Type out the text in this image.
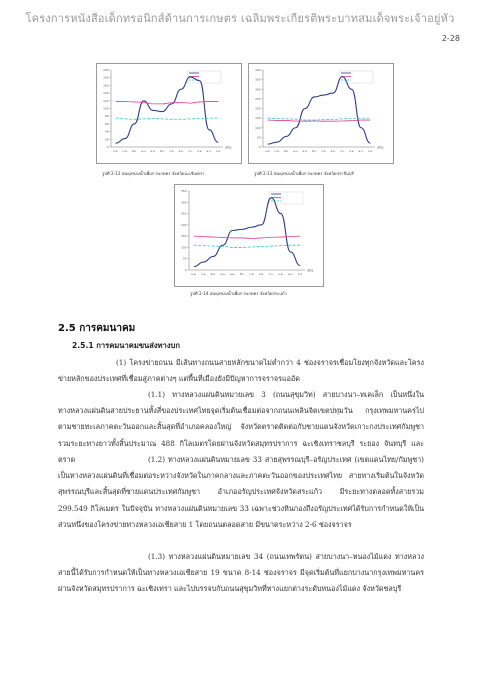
โครงการหนังสือเด็กทรอนิกส์ด้านการเกษตร เฉลิมพระเกียรติพระบาทสมเด็จพระเจ้าอยู่หัว
2-28
0
20
40
60
80
100
120
140
160
180
200
ม.ค. ก.พ. มี.ค. เม.ย. พ.ค. มิ.ย. ก.ค. ส.ค. ก.ย. ต.ค. พ.ย. ธ.ค.
เดือน
รูปที่ 2-12 สมดุลของน้ำเพื่อการเกษตร จังหวัดฉะเชิงเทรา
0
50
100
150
200
250
300
350
400
ม.ค. ก.พ. มี.ค. เม.ย. พ.ค. มิ.ย. ก.ค. ส.ค. ก.ย. ต.ค. พ.ย. ธ.ค.
เดือน
รูปที่ 2-13 สมดุลของน้ำเพื่อการเกษตร จังหวัดปราจีนบุรี
0
50
100
150
200
250
300
350
ม.ค. ก.พ. มี.ค. เม.ย. พ.ค. มิ.ย. ก.ค. ส.ค. ก.ย. ต.ค. พ.ย. ธ.ค.
เดือน
รูปที่ 2-14 สมดุลของน้ำเพื่อการเกษตร จังหวัดสระแก้ว
2.5 การคมนาคม
2.5.1 การคมนาคมขนส่งทางบก
(1) โครงข่ายถนน มีเส้นทางถนนสายหลักขนาดไม่ต่ำกว่า 4 ช่องจราจรเชื่อมโยงทุกจังหวัดและโครงข่ายหลักของประเทศที่เชื่อมสู่ภาคต่างๆ แต่พื้นที่เมืองยังมีปัญหาการจราจรแออัด
(1.1) ทางหลวงแผ่นดินหมายเลข 3 (ถนนสุขุมวิท) สายบางนา–ทเคเล็ก เป็นหนึ่งในทางหลวงแผ่นดินสายประธานทั้งสี่ของประเทศไทยจุดเริ่มต้นเชื่อมต่อจากถนนเพลินจิตเขตปทุมวัน กรุงเทพมหานครไปตามชายทะเลภาคตะวันออกและสิ้นสุดที่อำเภอคลองใหญ่ จังหวัดตราดติดต่อกับชายแดนจังหวัดเกาะกงประเทศกัมพูชา รวมระยะทางยาวทั้งสิ้นประมาณ 488 กิโลเมตรโดยผ่านจังหวัดสมุทรปราการ ฉะเชิงเทราชลบุรี ระยอง จันทบุรี และตราด	(1.2) ทางหลวงแผ่นดินหมายเลข 33 สายสุพรรณบุรี–อรัญประเทศ (เขตแดนไทย/กัมพูชา) เป็นทางหลวงแผ่นดินที่เชื่อมต่อระหว่างจังหวัดในภาคกลางและภาคตะวันออกของประเทศไทย สายทางเริ่มต้นในจังหวัดสุพรรณบุรีและสิ้นสุดที่ชายแดนประเทศกัมพูชา อำเภออรัญประเทศจังหวัดสระแก้ว มีระยะทางตลอดทั้งสายรวม 299.549 กิโลเมตร ในปัจจุบัน ทางหลวงแผ่นดินหมายเลข 33 เฉพาะช่วงหินกองถึงอรัญประเทศได้รับการกำหนดให้เป็นส่วนหนึ่งของโครงข่ายทางหลวงเอเชียสาย 1 โดยถนนตลอดสาย มีขนาดระหว่าง 2-6 ช่องจราจร
(1.3) ทางหลวงแผ่นดินหมายเลข 34 (ถนนเทพรัตน) สายบางนา–หนองไม้แดง ทางหลวงสายนี้ได้รับการกำหนดให้เป็นทางหลวงเอเชียสาย 19 ขนาด 8-14 ช่องจราจร มีจุดเริ่มต้นที่แยกบางนากรุงเทพมหานคร ผ่านจังหวัดสมุทรปราการ ฉะเชิงเทรา และไปบรรจบกับถนนสุขุมวิทที่ทางแยกต่างระดับหนองไม้แดง จังหวัดชลบุรี
